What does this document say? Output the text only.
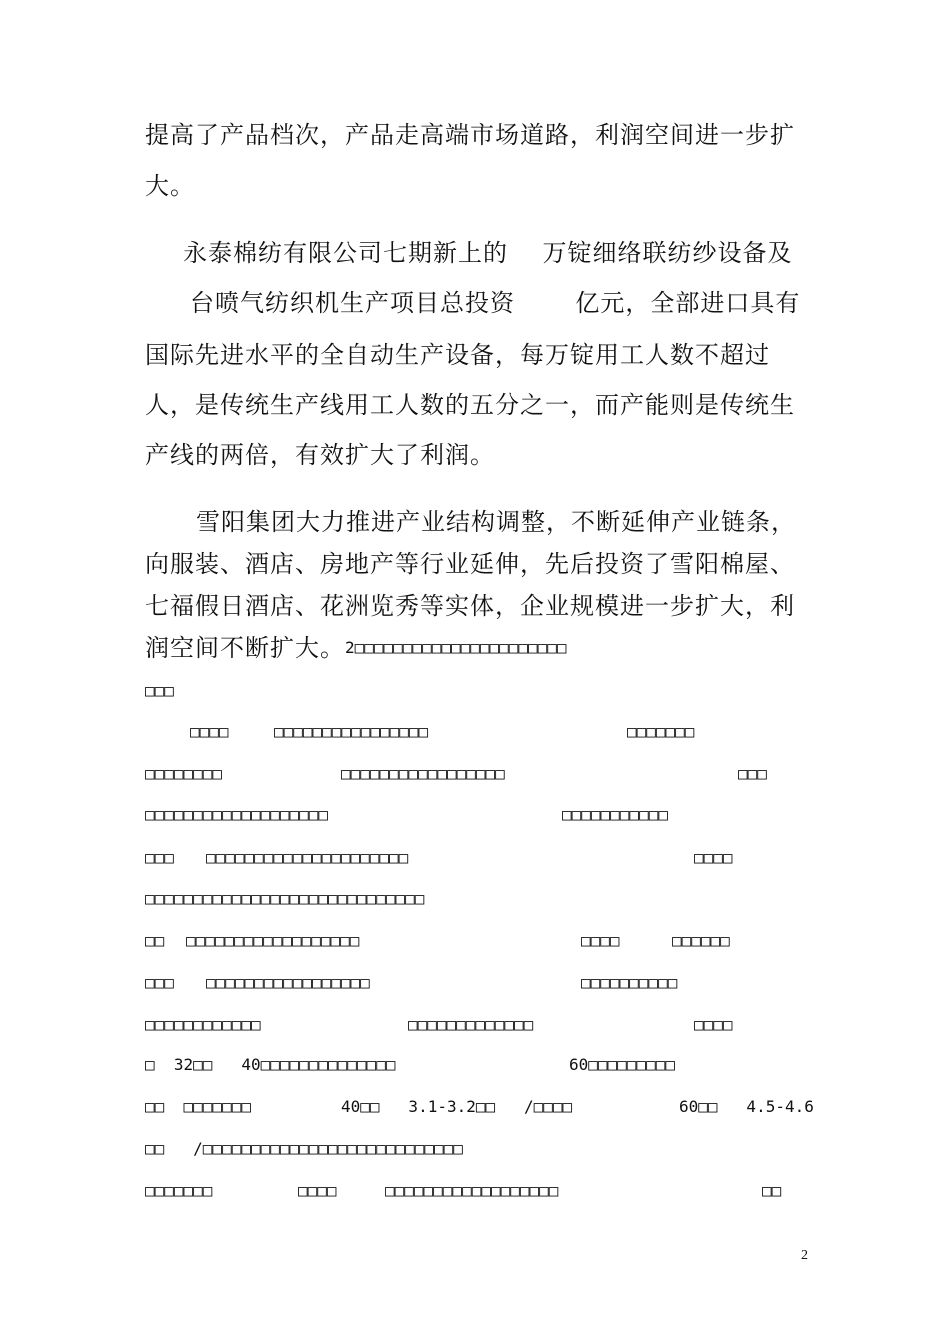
提高了产品档次，产品走高端市场道路，利润空间进一步扩
大。
永泰棉纺有限公司七期新上的    万锭细络联纺纱设备及
台喷气纺织机生产项目总投资       亿元，全部进口具有
国际先进水平的全自动生产设备，每万锭用工人数不超过
人，是传统生产线用工人数的五分之一，而产能则是传统生
产线的两倍，有效扩大了利润。
雪阳集团大力推进产业结构调整，不断延伸产业链条，
向服装、酒店、房地产等行业延伸，先后投资了雪阳棉屋、
七福假日酒店、花洲览秀等实体，企业规模进一步扩大，利
润空间不断扩大。 2□□□□□□□□□□□□□□□□□□□□□□
□□□
□□□□	□□□□□□□□□□□□□□□□	□□□□□□□
□□□□□□□□	□□□□□□□□□□□□□□□□□	□□□
□□□□□□□□□□□□□□□□□□□	□□□□□□□□□□□
□□□ □□□□□□□□□□□□□□□□□□□□□	□□□□
□□□□□□□□□□□□□□□□□□□□□□□□□□□□□
□□ □□□□□□□□□□□□□□□□□□	□□□□	□□□□□□
□□□ □□□□□□□□□□□□□□□□□	□□□□□□□□□□
□□□□□□□□□□□□	□□□□□□□□□□□□□	□□□□
□  32□□   40□□□□□□□□□□□□□□	60□□□□□□□□□
□□  □□□□□□□	40□□   3.1-3.2□□   /□□□□	60□□   4.5-4.6
□□   /□□□□□□□□□□□□□□□□□□□□□□□□□□□
□□□□□□□	□□□□	□□□□□□□□□□□□□□□□□□	□□
2
